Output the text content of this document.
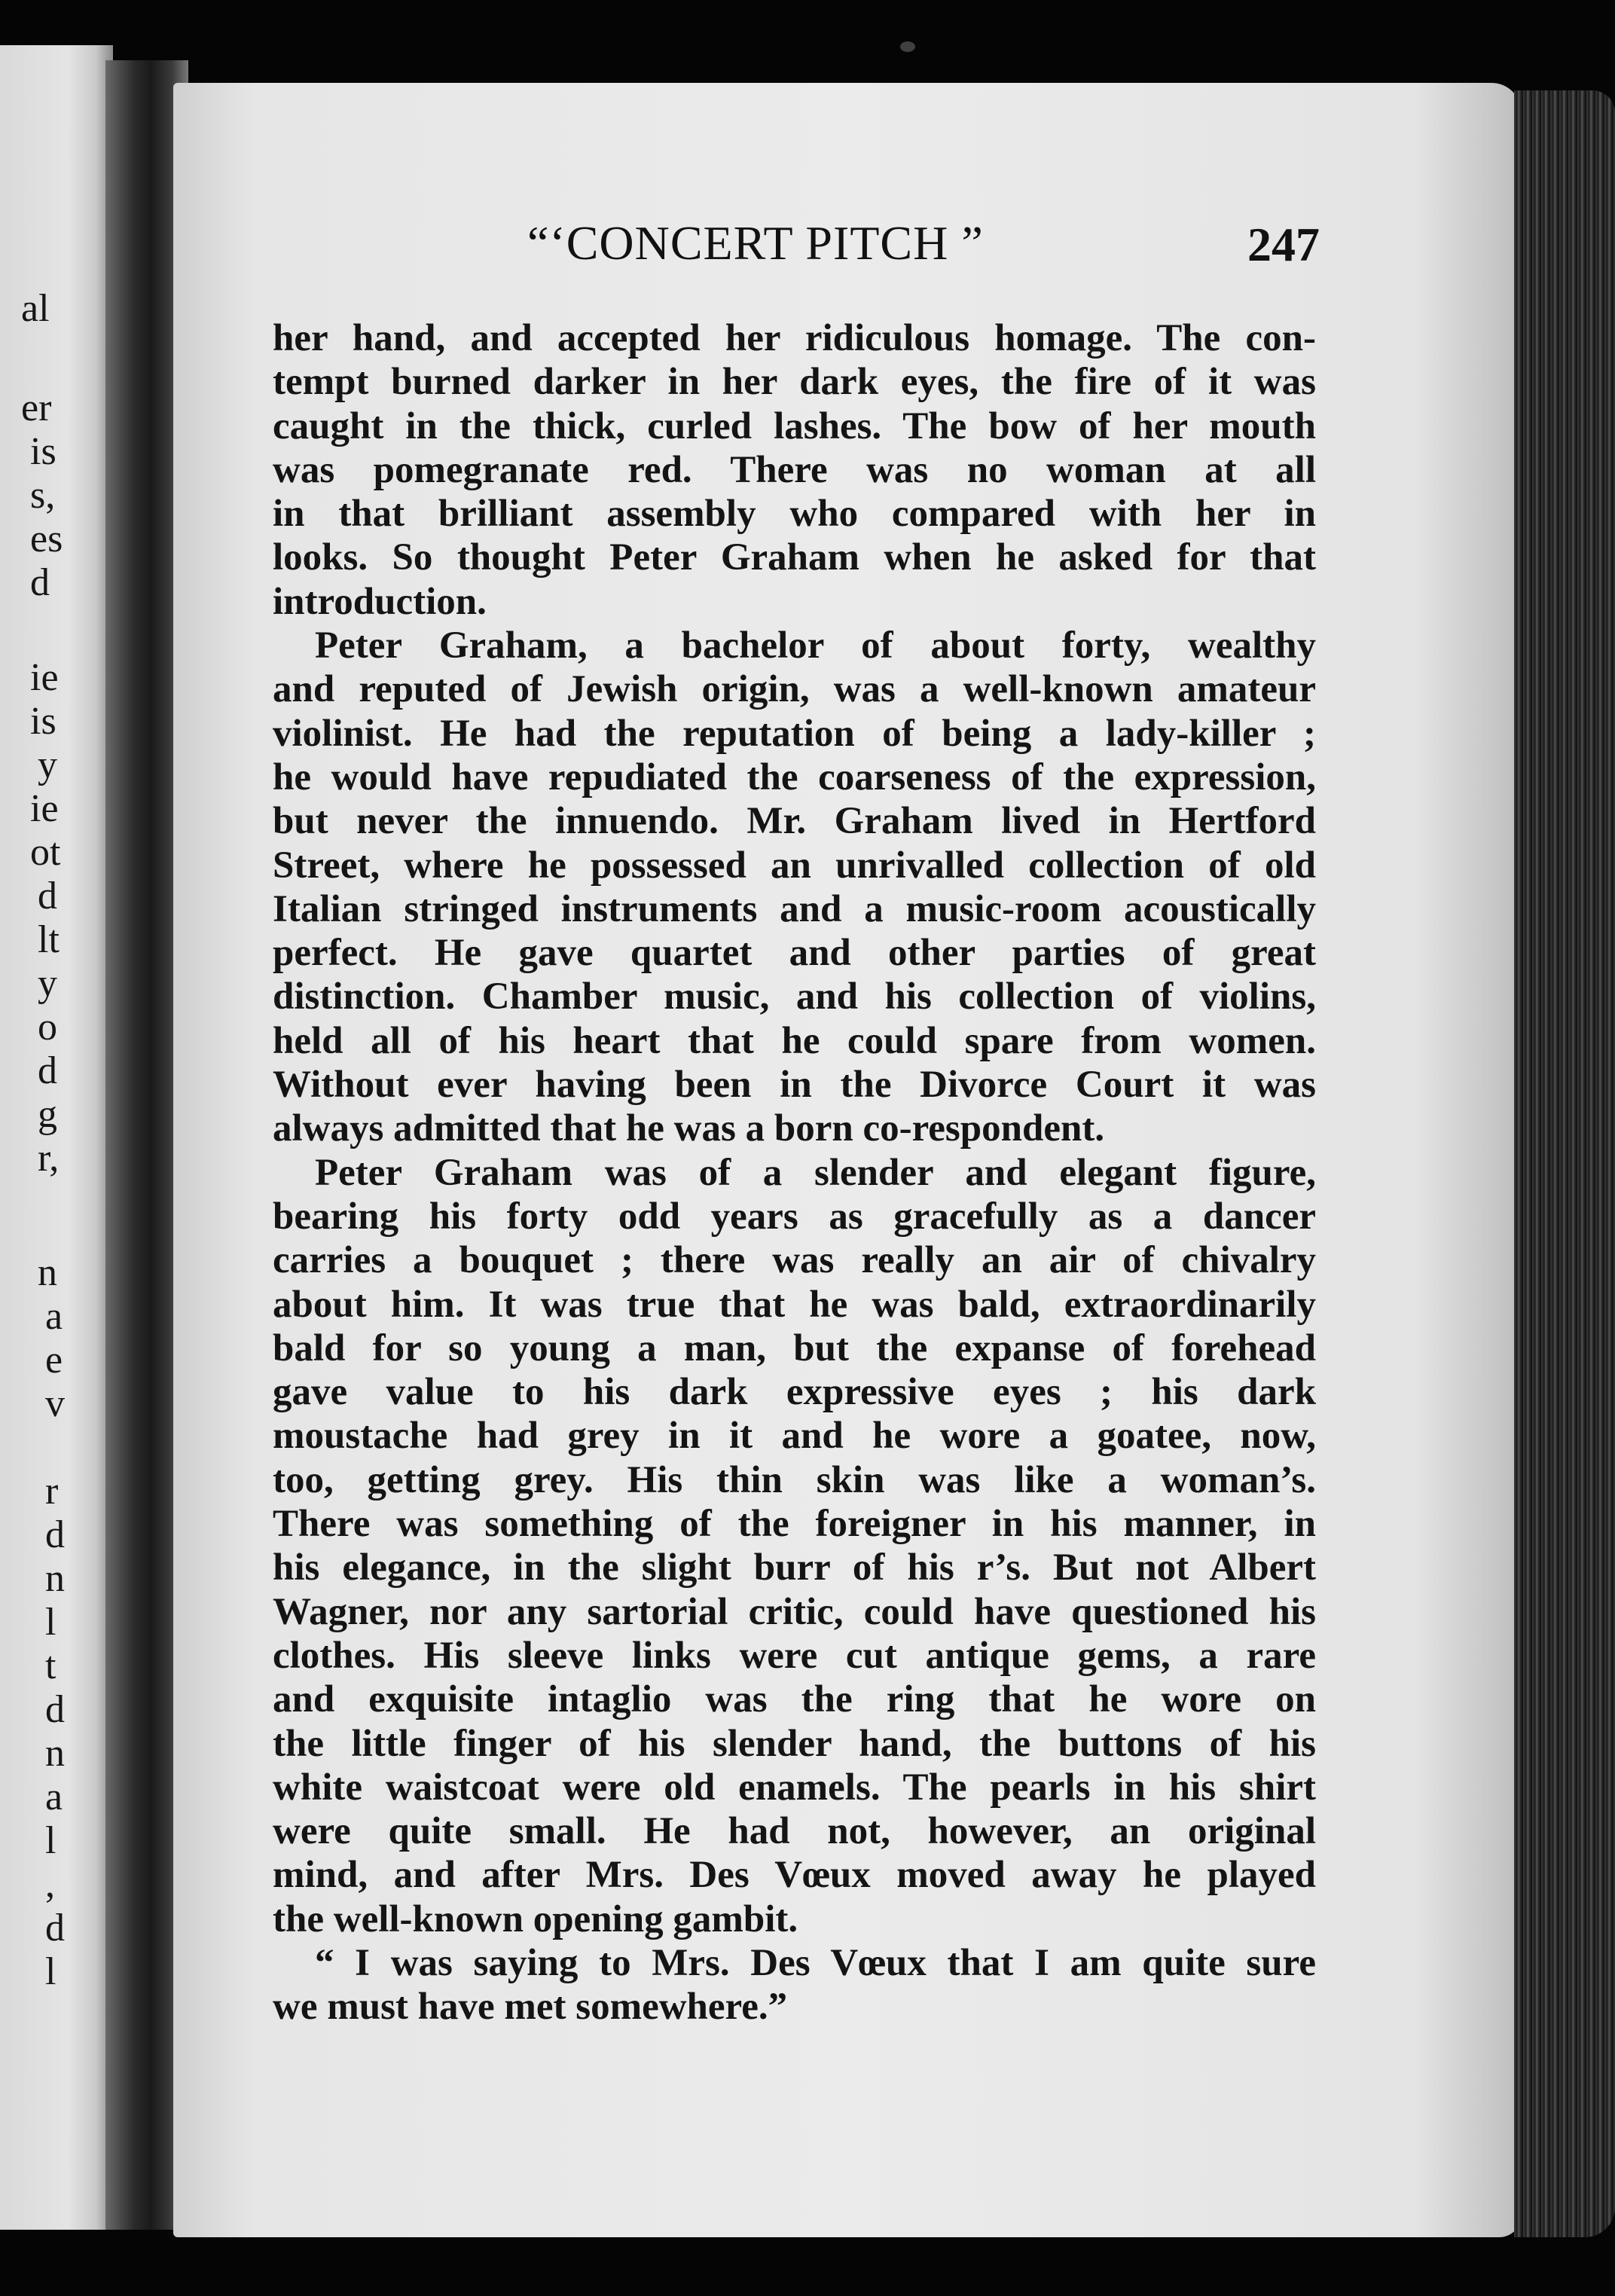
al
er
is
s,
es
d
ie
is
y
ie
ot
d
lt
y
o
d
g
r,
n
a
e
v
r
d
n
l
t
d
n
a
l
,
d
l
“‘CONCERT PITCH ”	247
her hand, and accepted her ridiculous homage. The con-
tempt burned darker in her dark eyes, the fire of it was
caught in the thick, curled lashes. The bow of her mouth
was pomegranate red. There was no woman at all
in that brilliant assembly who compared with her in
looks. So thought Peter Graham when he asked for that
introduction.
Peter Graham, a bachelor of about forty, wealthy
and reputed of Jewish origin, was a well-known amateur
violinist. He had the reputation of being a lady-killer ;
he would have repudiated the coarseness of the expression,
but never the innuendo. Mr. Graham lived in Hertford
Street, where he possessed an unrivalled collection of old
Italian stringed instruments and a music-room acoustically
perfect. He gave quartet and other parties of great
distinction. Chamber music, and his collection of violins,
held all of his heart that he could spare from women.
Without ever having been in the Divorce Court it was
always admitted that he was a born co-respondent.
Peter Graham was of a slender and elegant figure,
bearing his forty odd years as gracefully as a dancer
carries a bouquet ; there was really an air of chivalry
about him. It was true that he was bald, extraordinarily
bald for so young a man, but the expanse of forehead
gave value to his dark expressive eyes ; his dark
moustache had grey in it and he wore a goatee, now,
too, getting grey. His thin skin was like a woman’s.
There was something of the foreigner in his manner, in
his elegance, in the slight burr of his r’s. But not Albert
Wagner, nor any sartorial critic, could have questioned his
clothes. His sleeve links were cut antique gems, a rare
and exquisite intaglio was the ring that he wore on
the little finger of his slender hand, the buttons of his
white waistcoat were old enamels. The pearls in his shirt
were quite small. He had not, however, an original
mind, and after Mrs. Des Vœux moved away he played
the well-known opening gambit.
“ I was saying to Mrs. Des Vœux that I am quite sure
we must have met somewhere.”
